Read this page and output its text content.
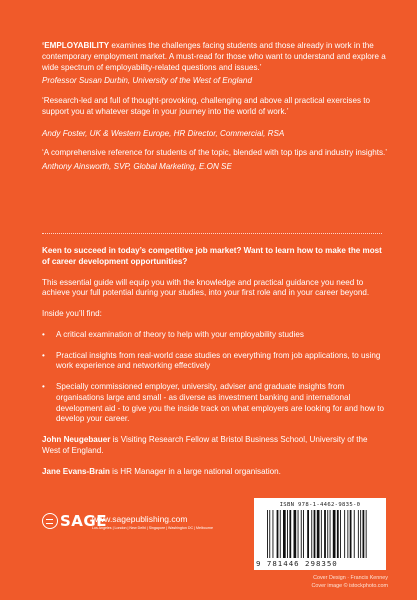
‘EMPLOYABILITY examines the challenges facing students and those already in work in the contemporary employment market. A must-read for those who want to understand and explore a wide spectrum of employability-related questions and issues.’
Professor Susan Durbin, University of the West of England
‘Research-led and full of thought-provoking, challenging and above all practical exercises to support you at whatever stage in your journey into the world of work.’
Andy Foster, UK & Western Europe, HR Director, Commercial, RSA
‘A comprehensive reference for students of the topic, blended with top tips and industry insights.’
Anthony Ainsworth, SVP, Global Marketing, E.ON SE
Keen to succeed in today’s competitive job market? Want to learn how to make the most of career development opportunities?
This essential guide will equip you with the knowledge and practical guidance you need to achieve your full potential during your studies, into your first role and in your career beyond.
Inside you’ll find:
• A critical examination of theory to help with your employability studies
• Practical insights from real-world case studies on everything from job applications, to using work experience and networking effectively
• Specially commissioned employer, university, adviser and graduate insights from organisations large and small - as diverse as investment banking and international development aid - to give you the inside track on what employers are looking for and how to develop your career.
John Neugebauer is Visiting Research Fellow at Bristol Business School, University of the West of England.
Jane Evans-Brain is HR Manager in a large national organisation.
SAGE
www.sagepublishing.com
Los Angeles | London | New Delhi | Singapore | Washington DC | Melbourne
ISBN 978-1-4462-9835-0
9 781446 298350
Cover Design · Francis Kenney
Cover image © istockphoto.com
